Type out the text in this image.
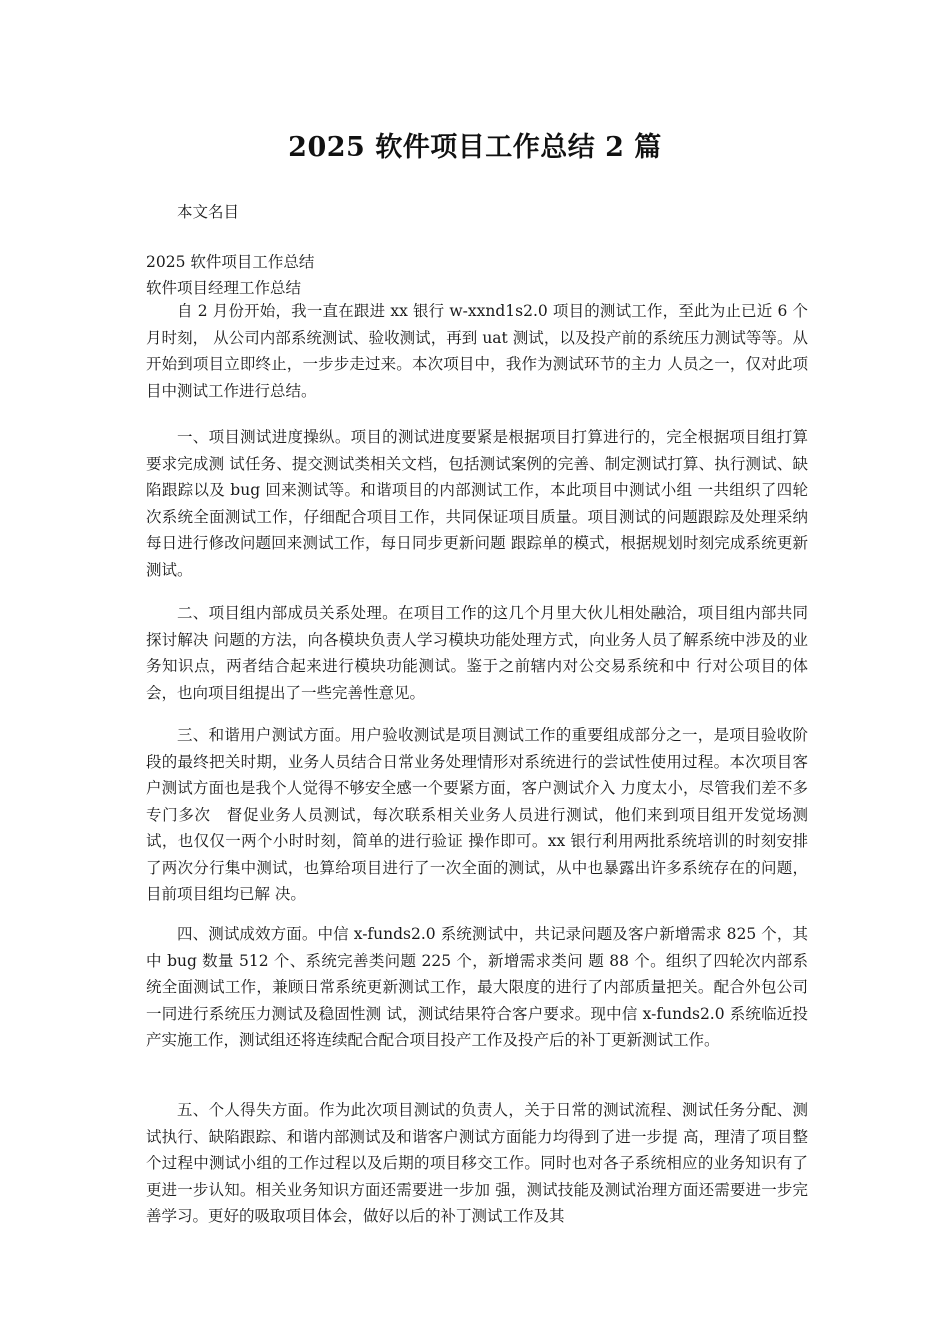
2025 软件项目工作总结 2 篇
本文名目
2025 软件项目工作总结
软件项目经理工作总结

自 2 月份开始，我一直在跟进 xx 银行 w-xxnd1s2.0 项目的测试工作，至此为止已近 6 个月时刻， 从公司内部系统测试、验收测试，再到 uat 测试，以及投产前的系统压力测试等等。从开始到项目立即终止，一步步走过来。本次项目中，我作为测试环节的主力 人员之一，仅对此项目中测试工作进行总结。

一、项目测试进度操纵。项目的测试进度要紧是根据项目打算进行的，完全根据项目组打算要求完成测 试任务、提交测试类相关文档，包括测试案例的完善、制定测试打算、执行测试、缺陷跟踪以及 bug 回来测试等。和谐项目的内部测试工作，本此项目中测试小组 一共组织了四轮次系统全面测试工作，仔细配合项目工作，共同保证项目质量。项目测试的问题跟踪及处理采纳每日进行修改问题回来测试工作，每日同步更新问题 跟踪单的模式，根据规划时刻完成系统更新测试。

二、项目组内部成员关系处理。在项目工作的这几个月里大伙儿相处融洽，项目组内部共同探讨解决 问题的方法，向各模块负责人学习模块功能处理方式，向业务人员了解系统中涉及的业务知识点，两者结合起来进行模块功能测试。鉴于之前辖内对公交易系统和中 行对公项目的体会，也向项目组提出了一些完善性意见。

三、和谐用户测试方面。用户验收测试是项目测试工作的重要组成部分之一，是项目验收阶 段的最终把关时期，业务人员结合日常业务处理情形对系统进行的尝试性使用过程。本次项目客户测试方面也是我个人觉得不够安全感一个要紧方面，客户测试介入 力度太小，尽管我们差不多专门多次　督促业务人员测试，每次联系相关业务人员进行测试，他们来到项目组开发觉场测试，也仅仅一两个小时时刻，简单的进行验证 操作即可。xx 银行利用两批系统培训的时刻安排了两次分行集中测试，也算给项目进行了一次全面的测试，从中也暴露出许多系统存在的问题，目前项目组均已解 决。

四、测试成效方面。中信 x-funds2.0 系统测试中，共记录问题及客户新增需求 825 个，其中 bug 数量 512 个、系统完善类问题 225 个，新增需求类问 题 88 个。组织了四轮次内部系统全面测试工作，兼顾日常系统更新测试工作，最大限度的进行了内部质量把关。配合外包公司一同进行系统压力测试及稳固性测 试，测试结果符合客户要求。现中信 x-funds2.0 系统临近投产实施工作，测试组还将连续配合配合项目投产工作及投产后的补丁更新测试工作。

五、个人得失方面。作为此次项目测试的负责人，关于日常的测试流程、测试任务分配、测试执行、缺陷跟踪、和谐内部测试及和谐客户测试方面能力均得到了进一步提 高，理清了项目整个过程中测试小组的工作过程以及后期的项目移交工作。同时也对各子系统相应的业务知识有了更进一步认知。相关业务知识方面还需要进一步加 强，测试技能及测试治理方面还需要进一步完善学习。更好的吸取项目体会，做好以后的补丁测试工作及其
